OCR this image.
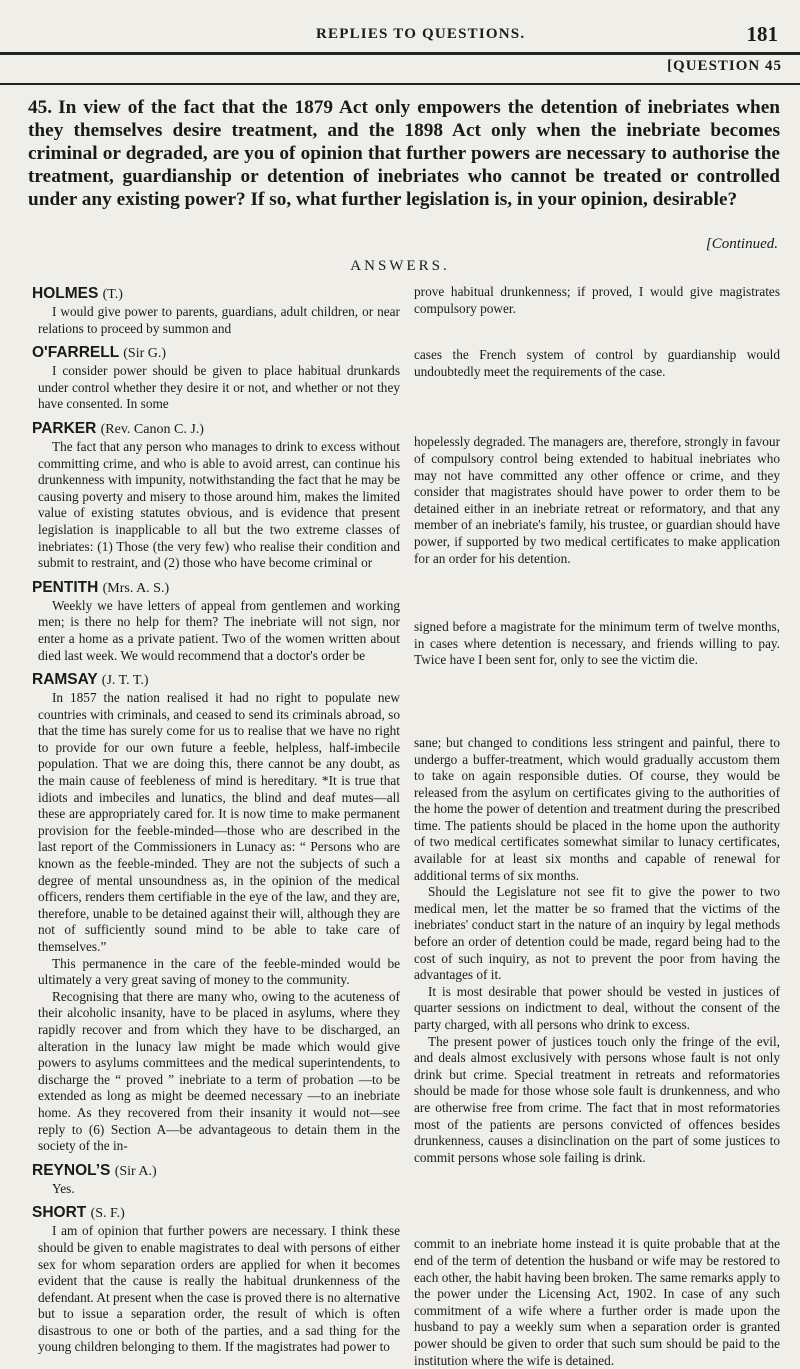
REPLIES TO QUESTIONS.	181
[QUESTION 45
45. In view of the fact that the 1879 Act only empowers the detention of inebriates when they themselves desire treatment, and the 1898 Act only when the inebriate becomes criminal or degraded, are you of opinion that further powers are necessary to authorise the treatment, guardianship or detention of inebriates who cannot be treated or controlled under any existing power? If so, what further legislation is, in your opinion, desirable?
[Continued.
ANSWERS.
HOLMES (T.)
I would give power to parents, guardians, adult children, or near relations to proceed by summon and
O'FARRELL (Sir G.)
I consider power should be given to place habitual drunkards under control whether they desire it or not, and whether or not they have consented. In some
PARKER (Rev. Canon C. J.)
The fact that any person who manages to drink to excess without committing crime, and who is able to avoid arrest, can continue his drunkenness with impunity, notwithstanding the fact that he may be causing poverty and misery to those around him, makes the limited value of existing statutes obvious, and is evidence that present legislation is inapplicable to all but the two extreme classes of inebriates: (1) Those (the very few) who realise their condition and submit to restraint, and (2) those who have become criminal or
PENTITH (Mrs. A. S.)
Weekly we have letters of appeal from gentlemen and working men; is there no help for them? The inebriate will not sign, nor enter a home as a private patient. Two of the women written about died last week. We would recommend that a doctor's order be
RAMSAY (J. T. T.)
In 1857 the nation realised it had no right to populate new countries with criminals, and ceased to send its criminals abroad, so that the time has surely come for us to realise that we have no right to provide for our own future a feeble, helpless, half-imbecile population. That we are doing this, there cannot be any doubt, as the main cause of feebleness of mind is hereditary. *It is true that idiots and imbeciles and lunatics, the blind and deaf mutes—all these are appropriately cared for. It is now time to make permanent provision for the feeble-minded—those who are described in the last report of the Commissioners in Lunacy as: “ Persons who are known as the feeble-minded. They are not the subjects of such a degree of mental unsoundness as, in the opinion of the medical officers, renders them certifiable in the eye of the law, and they are, therefore, unable to be detained against their will, although they are not of sufficiently sound mind to be able to take care of themselves.”
This permanence in the care of the feeble-minded would be ultimately a very great saving of money to the community.
Recognising that there are many who, owing to the acuteness of their alcoholic insanity, have to be placed in asylums, where they rapidly recover and from which they have to be discharged, an alteration in the lunacy law might be made which would give powers to asylums committees and the medical superintendents, to discharge the “ proved ” inebriate to a term of probation —to be extended as long as might be deemed necessary —to an inebriate home. As they recovered from their insanity it would not—see reply to (6) Section A—be advantageous to detain them in the society of the in-
REYNOL’S (Sir A.)
Yes.
SHORT (S. F.)
I am of opinion that further powers are necessary. I think these should be given to enable magistrates to deal with persons of either sex for whom separation orders are applied for when it becomes evident that the cause is really the habitual drunkenness of the defendant. At present when the case is proved there is no alternative but to issue a separation order, the result of which is often disastrous to one or both of the parties, and a sad thing for the young children belonging to them. If the magistrates had power to
prove habitual drunkenness; if proved, I would give magistrates compulsory power.
cases the French system of control by guardianship would undoubtedly meet the requirements of the case.
hopelessly degraded. The managers are, therefore, strongly in favour of compulsory control being extended to habitual inebriates who may not have committed any other offence or crime, and they consider that magistrates should have power to order them to be detained either in an inebriate retreat or reformatory, and that any member of an inebriate's family, his trustee, or guardian should have power, if supported by two medical certificates to make application for an order for his detention.
signed before a magistrate for the minimum term of twelve months, in cases where detention is necessary, and friends willing to pay. Twice have I been sent for, only to see the victim die.
sane; but changed to conditions less stringent and painful, there to undergo a buffer-treatment, which would gradually accustom them to take on again responsible duties. Of course, they would be released from the asylum on certificates giving to the authorities of the home the power of detention and treatment during the prescribed time. The patients should be placed in the home upon the authority of two medical certificates somewhat similar to lunacy certificates, available for at least six months and capable of renewal for additional terms of six months.
Should the Legislature not see fit to give the power to two medical men, let the matter be so framed that the victims of the inebriates' conduct start in the nature of an inquiry by legal methods before an order of detention could be made, regard being had to the cost of such inquiry, as not to prevent the poor from having the advantages of it.
It is most desirable that power should be vested in justices of quarter sessions on indictment to deal, without the consent of the party charged, with all persons who drink to excess.
The present power of justices touch only the fringe of the evil, and deals almost exclusively with persons whose fault is not only drink but crime. Special treatment in retreats and reformatories should be made for those whose sole fault is drunkenness, and who are otherwise free from crime. The fact that in most reformatories most of the patients are persons convicted of offences besides drunkenness, causes a disinclination on the part of some justices to commit persons whose sole failing is drink.
commit to an inebriate home instead it is quite probable that at the end of the term of detention the husband or wife may be restored to each other, the habit having been broken. The same remarks apply to the power under the Licensing Act, 1902. In case of any such commitment of a wife where a further order is made upon the husband to pay a weekly sum when a separation order is granted power should be given to order that such sum should be paid to the institution where the wife is detained.
